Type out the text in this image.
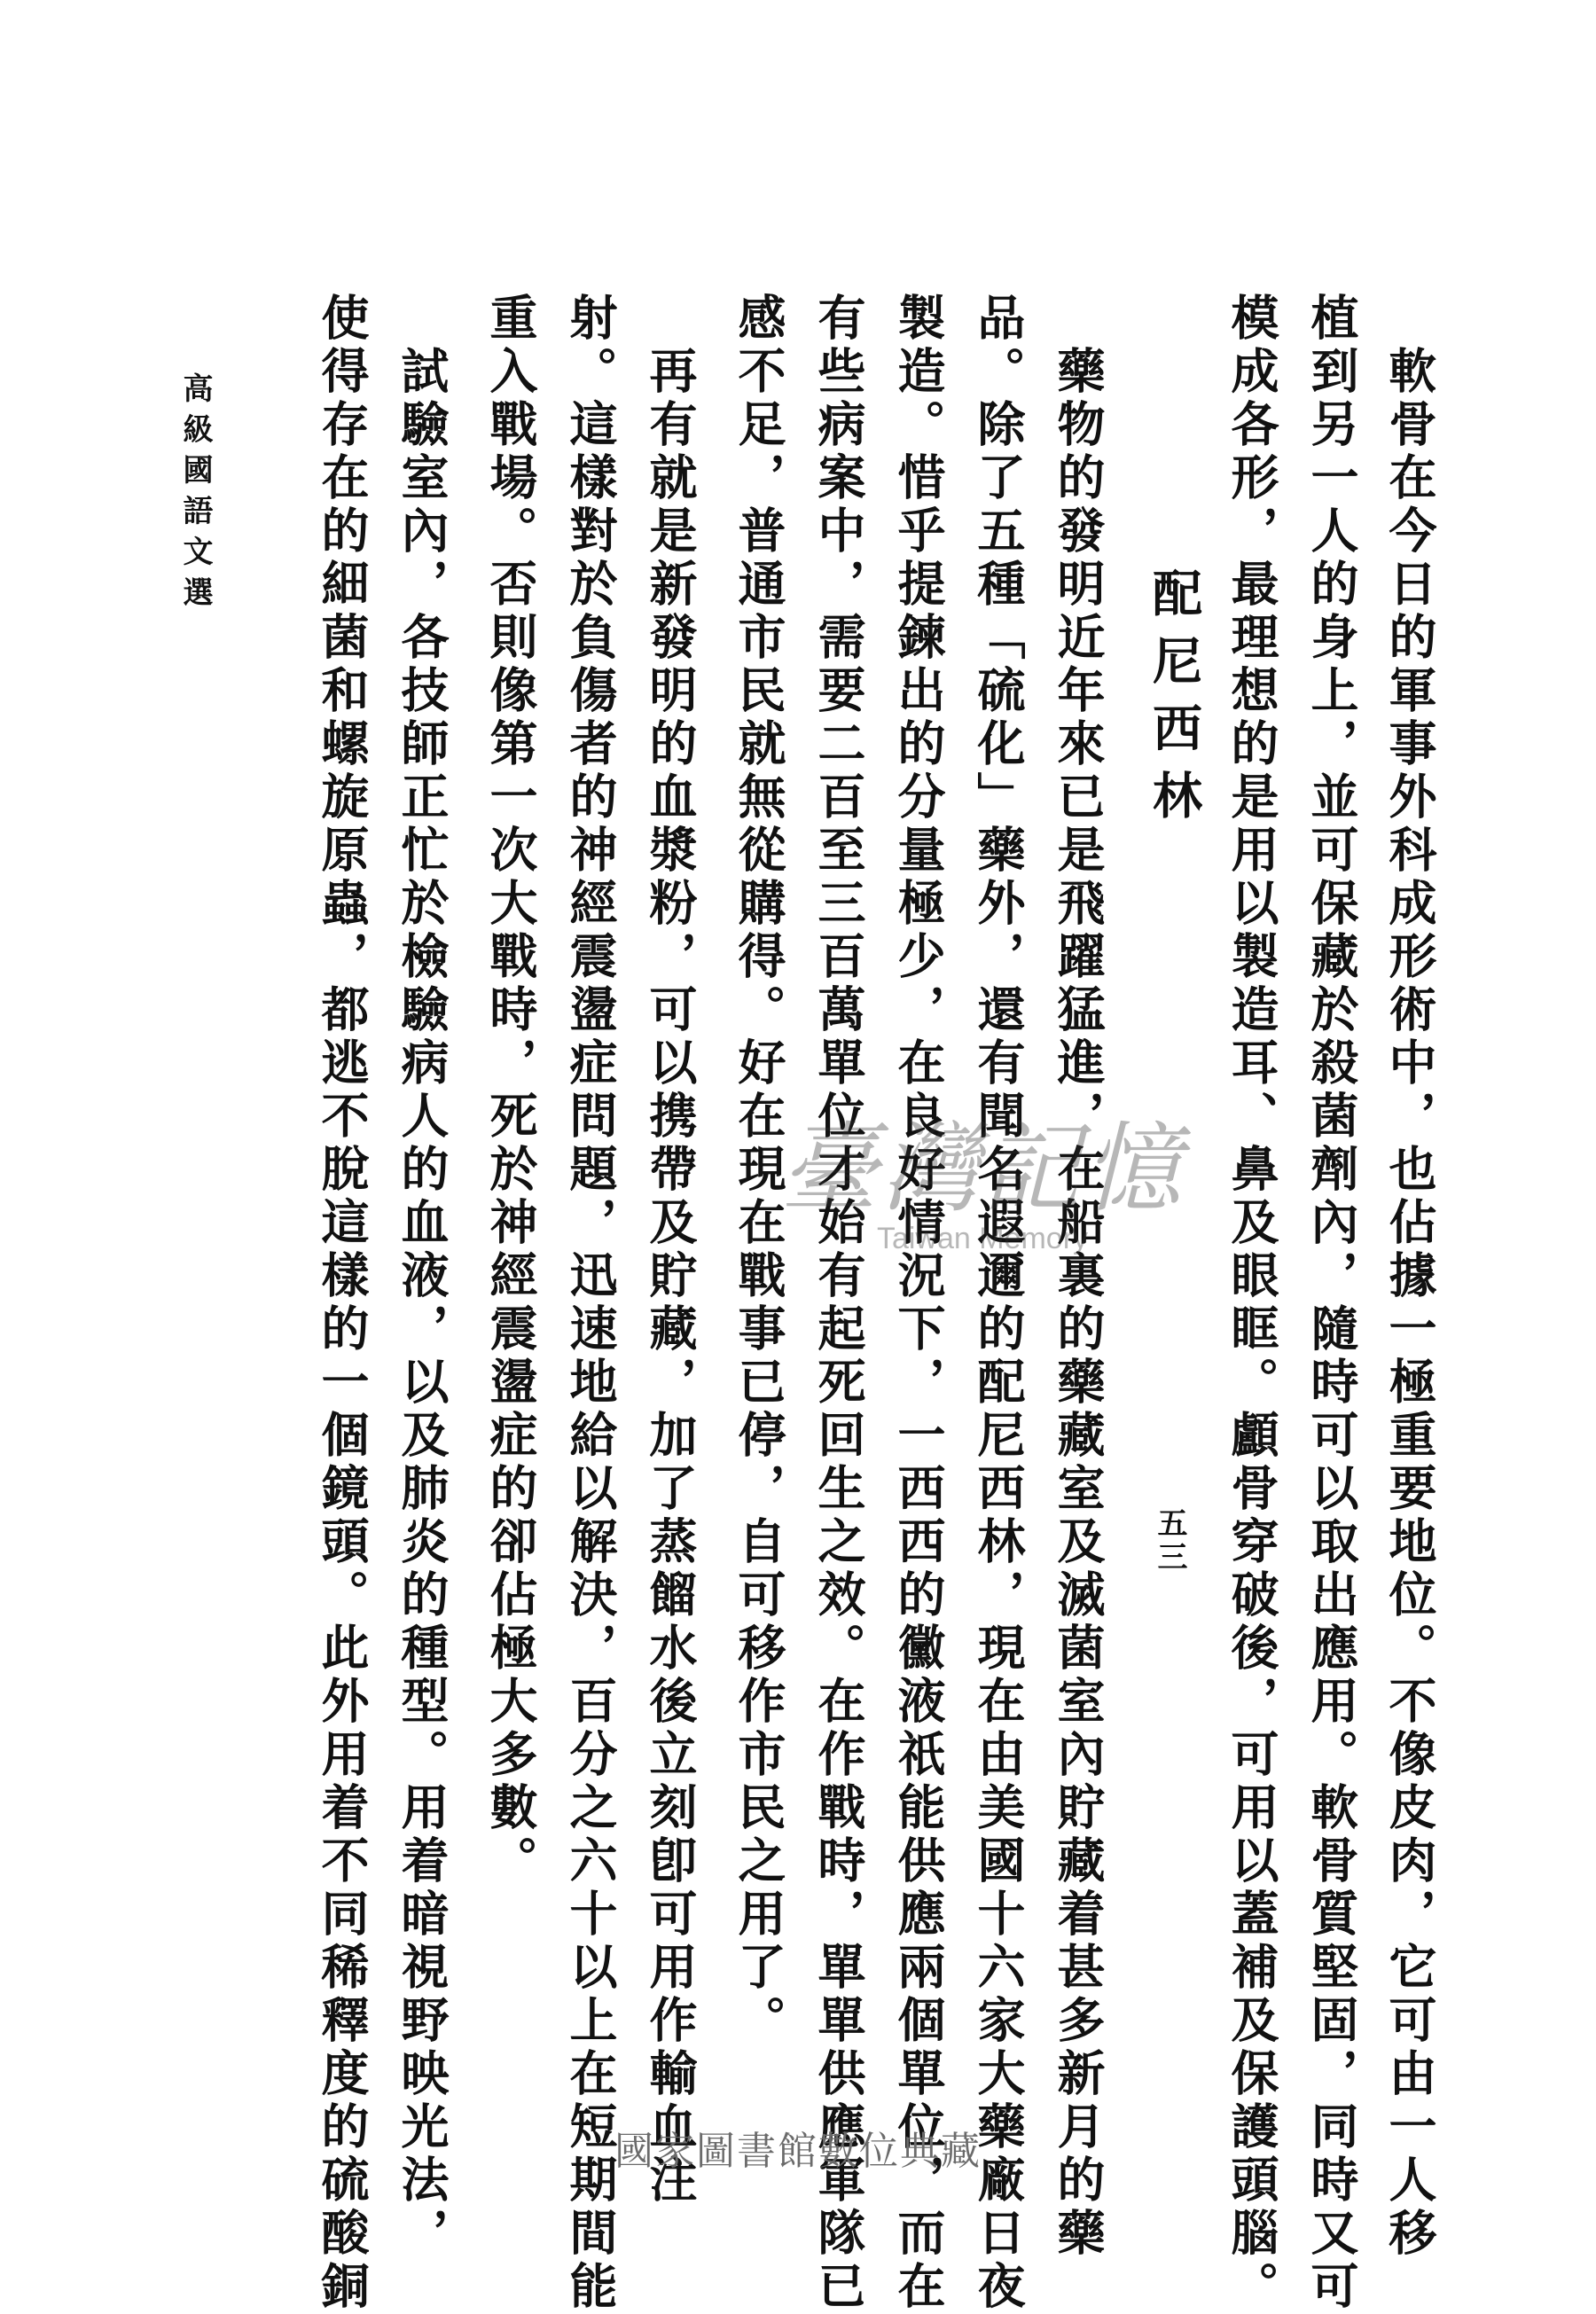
　軟骨在今日的軍事外科成形術中，也佔據一極重要地位。不像皮肉，它可由一人移
植到另一人的身上，並可保藏於殺菌劑內，隨時可以取出應用。軟骨質堅固，同時又可
模成各形，最理想的是用以製造耳、鼻及眼眶。顱骨穿破後，可用以蓋補及保護頭腦。
配尼西林
　藥物的發明近年來已是飛躍猛進，在船裏的藥藏室及滅菌室內貯藏着甚多新月的藥
品。除了五種「硫化」藥外，還有聞名遐邇的配尼西林，現在由美國十六家大藥廠日夜
製造。惜乎提鍊出的分量極少，在良好情況下，一西西的黴液祇能供應兩個單位，而在
有些病案中，需要二百至三百萬單位才始有起死回生之效。在作戰時，單單供應軍隊已
感不足，普通市民就無從購得。好在現在戰事已停，自可移作市民之用了。
　再有就是新發明的血漿粉，可以携帶及貯藏，加了蒸餾水後立刻卽可用作輸血注
射。這樣對於負傷者的神經震盪症問題，迅速地給以解決，百分之六十以上在短期間能
重入戰場。否則像第一次大戰時，死於神經震盪症的卻佔極大多數。
　試驗室內，各技師正忙於檢驗病人的血液，以及肺炎的種型。用着暗視野映光法，
使得存在的細菌和螺旋原蟲，都逃不脫這樣的一個鏡頭。此外用着不同稀釋度的硫酸銅
高級國語文選
五三
臺灣記憶
Taiwan Memory
國家圖書館數位典藏
